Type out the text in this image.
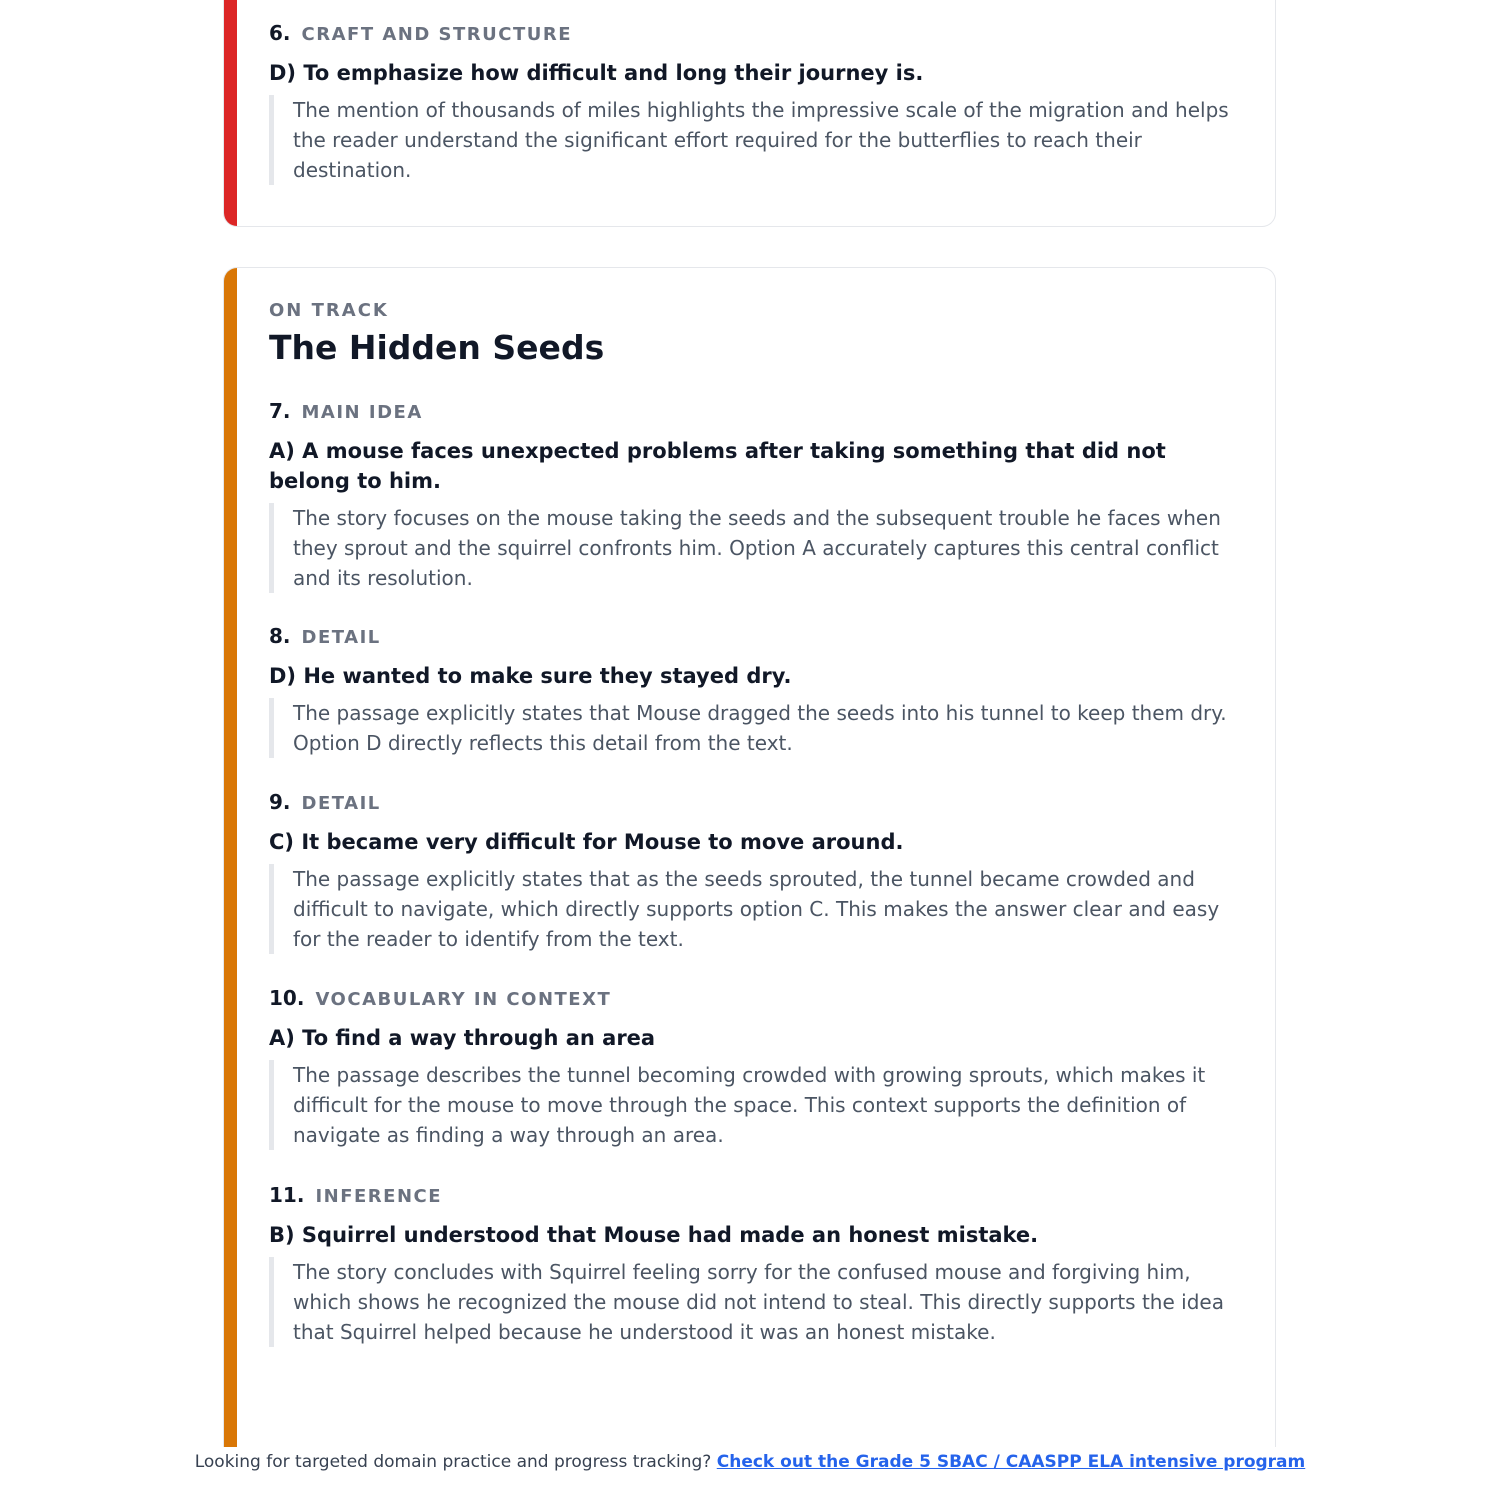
6. CRAFT AND STRUCTURE
D) To emphasize how difficult and long their journey is.
The mention of thousands of miles highlights the impressive scale of the migration and helps the reader understand the significant effort required for the butterflies to reach their destination.
ON TRACK
The Hidden Seeds
7. MAIN IDEA
A) A mouse faces unexpected problems after taking something that did not belong to him.
The story focuses on the mouse taking the seeds and the subsequent trouble he faces when they sprout and the squirrel confronts him. Option A accurately captures this central conflict and its resolution.
8. DETAIL
D) He wanted to make sure they stayed dry.
The passage explicitly states that Mouse dragged the seeds into his tunnel to keep them dry. Option D directly reflects this detail from the text.
9. DETAIL
C) It became very difficult for Mouse to move around.
The passage explicitly states that as the seeds sprouted, the tunnel became crowded and difficult to navigate, which directly supports option C. This makes the answer clear and easy for the reader to identify from the text.
10. VOCABULARY IN CONTEXT
A) To find a way through an area
The passage describes the tunnel becoming crowded with growing sprouts, which makes it difficult for the mouse to move through the space. This context supports the definition of navigate as finding a way through an area.
11. INFERENCE
B) Squirrel understood that Mouse had made an honest mistake.
The story concludes with Squirrel feeling sorry for the confused mouse and forgiving him, which shows he recognized the mouse did not intend to steal. This directly supports the idea that Squirrel helped because he understood it was an honest mistake.
Looking for targeted domain practice and progress tracking? Check out the Grade 5 SBAC / CAASPP ELA intensive program
